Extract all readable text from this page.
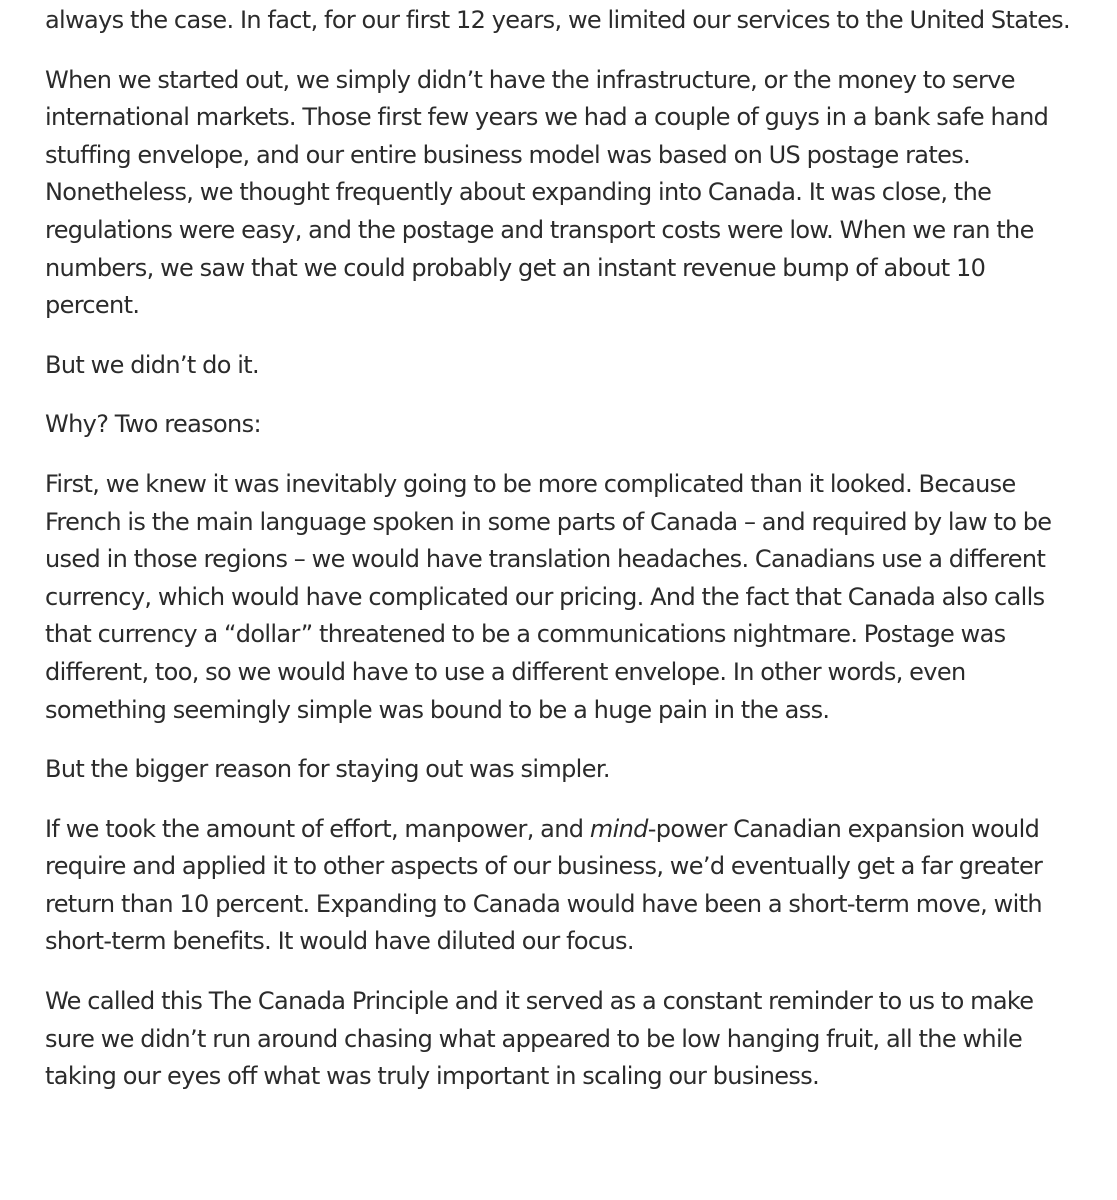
always the case. In fact, for our first 12 years, we limited our services to the United States.

When we started out, we simply didn’t have the infrastructure, or the money to serve international markets. Those first few years we had a couple of guys in a bank safe hand stuffing envelope, and our entire business model was based on US postage rates. Nonetheless, we thought frequently about expanding into Canada. It was close, the regulations were easy, and the postage and transport costs were low. When we ran the numbers, we saw that we could probably get an instant revenue bump of about 10 percent.

But we didn’t do it.

Why? Two reasons:

First, we knew it was inevitably going to be more complicated than it looked. Because French is the main language spoken in some parts of Canada – and required by law to be used in those regions – we would have translation headaches. Canadians use a different currency, which would have complicated our pricing. And the fact that Canada also calls that currency a “dollar” threatened to be a communications nightmare. Postage was different, too, so we would have to use a different envelope. In other words, even something seemingly simple was bound to be a huge pain in the ass.

But the bigger reason for staying out was simpler.

If we took the amount of effort, manpower, and mind-power Canadian expansion would require and applied it to other aspects of our business, we’d eventually get a far greater return than 10 percent. Expanding to Canada would have been a short-term move, with short-term benefits. It would have diluted our focus.

We called this The Canada Principle and it served as a constant reminder to us to make sure we didn’t run around chasing what appeared to be low hanging fruit, all the while taking our eyes off what was truly important in scaling our business.
